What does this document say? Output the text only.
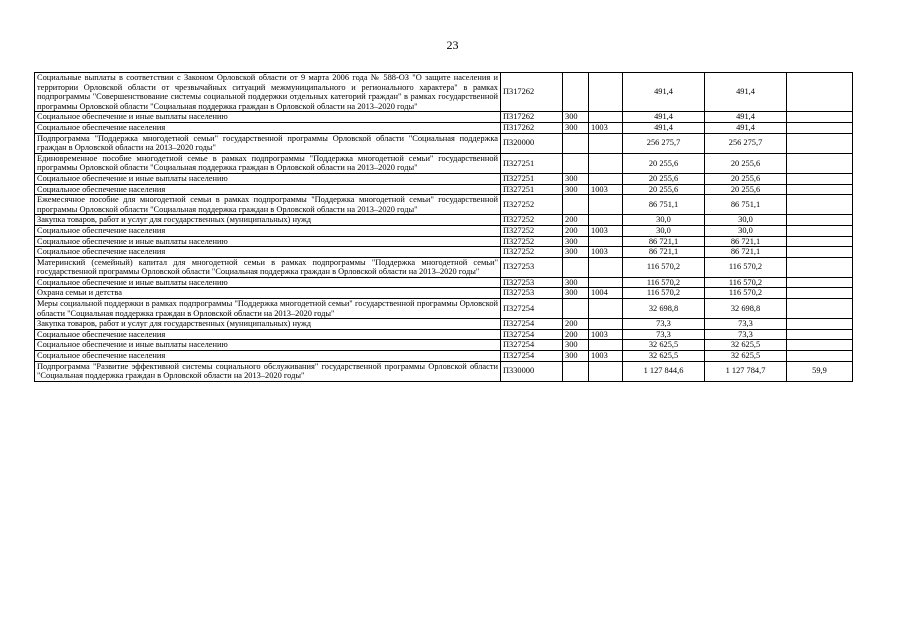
23
Социальные выплаты в соответствии с Законом Орловской области от 9 марта 2006 года № 588-ОЗ "О защите населения и территории Орловской области от чрезвычайных ситуаций межмуниципального и регионального характера" в рамках подпрограммы "Совершенствование системы социальной поддержки отдельных категорий граждан" в рамках государственной программы Орловской области "Социальная поддержка граждан в Орловской области на 2013–2020 годы"	П317262			491,4	491,4	
Социальное обеспечение и иные выплаты населению	П317262	300		491,4	491,4	
Социальное обеспечение населения	П317262	300	1003	491,4	491,4	
Подпрограмма "Поддержка многодетной семьи" государственной программы Орловской области "Социальная поддержка граждан в Орловской области на 2013–2020 годы"	П320000			256 275,7	256 275,7	
Единовременное пособие многодетной семье в рамках подпрограммы "Поддержка многодетной семьи" государственной программы Орловской области "Социальная поддержка граждан в Орловской области на 2013–2020 годы"	П327251			20 255,6	20 255,6	
Социальное обеспечение и иные выплаты населению	П327251	300		20 255,6	20 255,6	
Социальное обеспечение населения	П327251	300	1003	20 255,6	20 255,6	
Ежемесячное пособие для многодетной семьи в рамках подпрограммы "Поддержка многодетной семьи" государственной программы Орловской области "Социальная поддержка граждан в Орловской области на 2013–2020 годы"	П327252			86 751,1	86 751,1	
Закупка товаров, работ и услуг для государственных (муниципальных) нужд	П327252	200		30,0	30,0	
Социальное обеспечение населения	П327252	200	1003	30,0	30,0	
Социальное обеспечение и иные выплаты населению	П327252	300		86 721,1	86 721,1	
Социальное обеспечение населения	П327252	300	1003	86 721,1	86 721,1	
Материнский (семейный) капитал для многодетной семьи в рамках подпрограммы "Поддержка многодетной семьи" государственной программы Орловской области "Социальная поддержка граждан в Орловской области на 2013–2020 годы"	П327253			116 570,2	116 570,2	
Социальное обеспечение и иные выплаты населению	П327253	300		116 570,2	116 570,2	
Охрана семьи и детства	П327253	300	1004	116 570,2	116 570,2	
Меры социальной поддержки в рамках подпрограммы "Поддержка многодетной семьи" государственной программы Орловской области "Социальная поддержка граждан в Орловской области на 2013–2020 годы"	П327254			32 698,8	32 698,8	
Закупка товаров, работ и услуг для государственных (муниципальных) нужд	П327254	200		73,3	73,3	
Социальное обеспечение населения	П327254	200	1003	73,3	73,3	
Социальное обеспечение и иные выплаты населению	П327254	300		32 625,5	32 625,5	
Социальное обеспечение населения	П327254	300	1003	32 625,5	32 625,5	
Подпрограмма "Развитие эффективной системы социального обслуживания" государственной программы Орловской области "Социальная поддержка граждан в Орловской области на 2013–2020 годы"	П330000			1 127 844,6	1 127 784,7	59,9
